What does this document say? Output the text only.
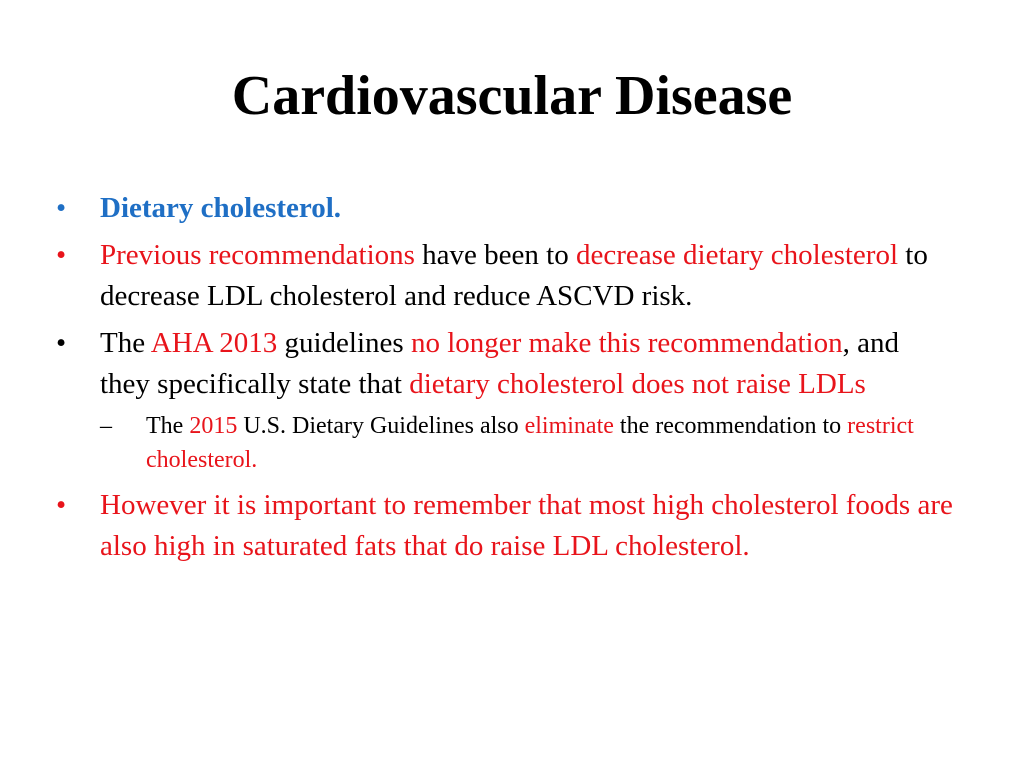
Cardiovascular Disease
•	Dietary cholesterol.
•	Previous recommendations have been to decrease dietary cholesterol to decrease LDL cholesterol and reduce ASCVD risk.
•	The AHA 2013 guidelines no longer make this recommendation, and they specifically state that dietary cholesterol does not raise LDLs
–	The 2015 U.S. Dietary Guidelines also eliminate the recommendation to restrict cholesterol.
•	However it is important to remember that most high cholesterol foods are also high in saturated fats that do raise LDL cholesterol.
